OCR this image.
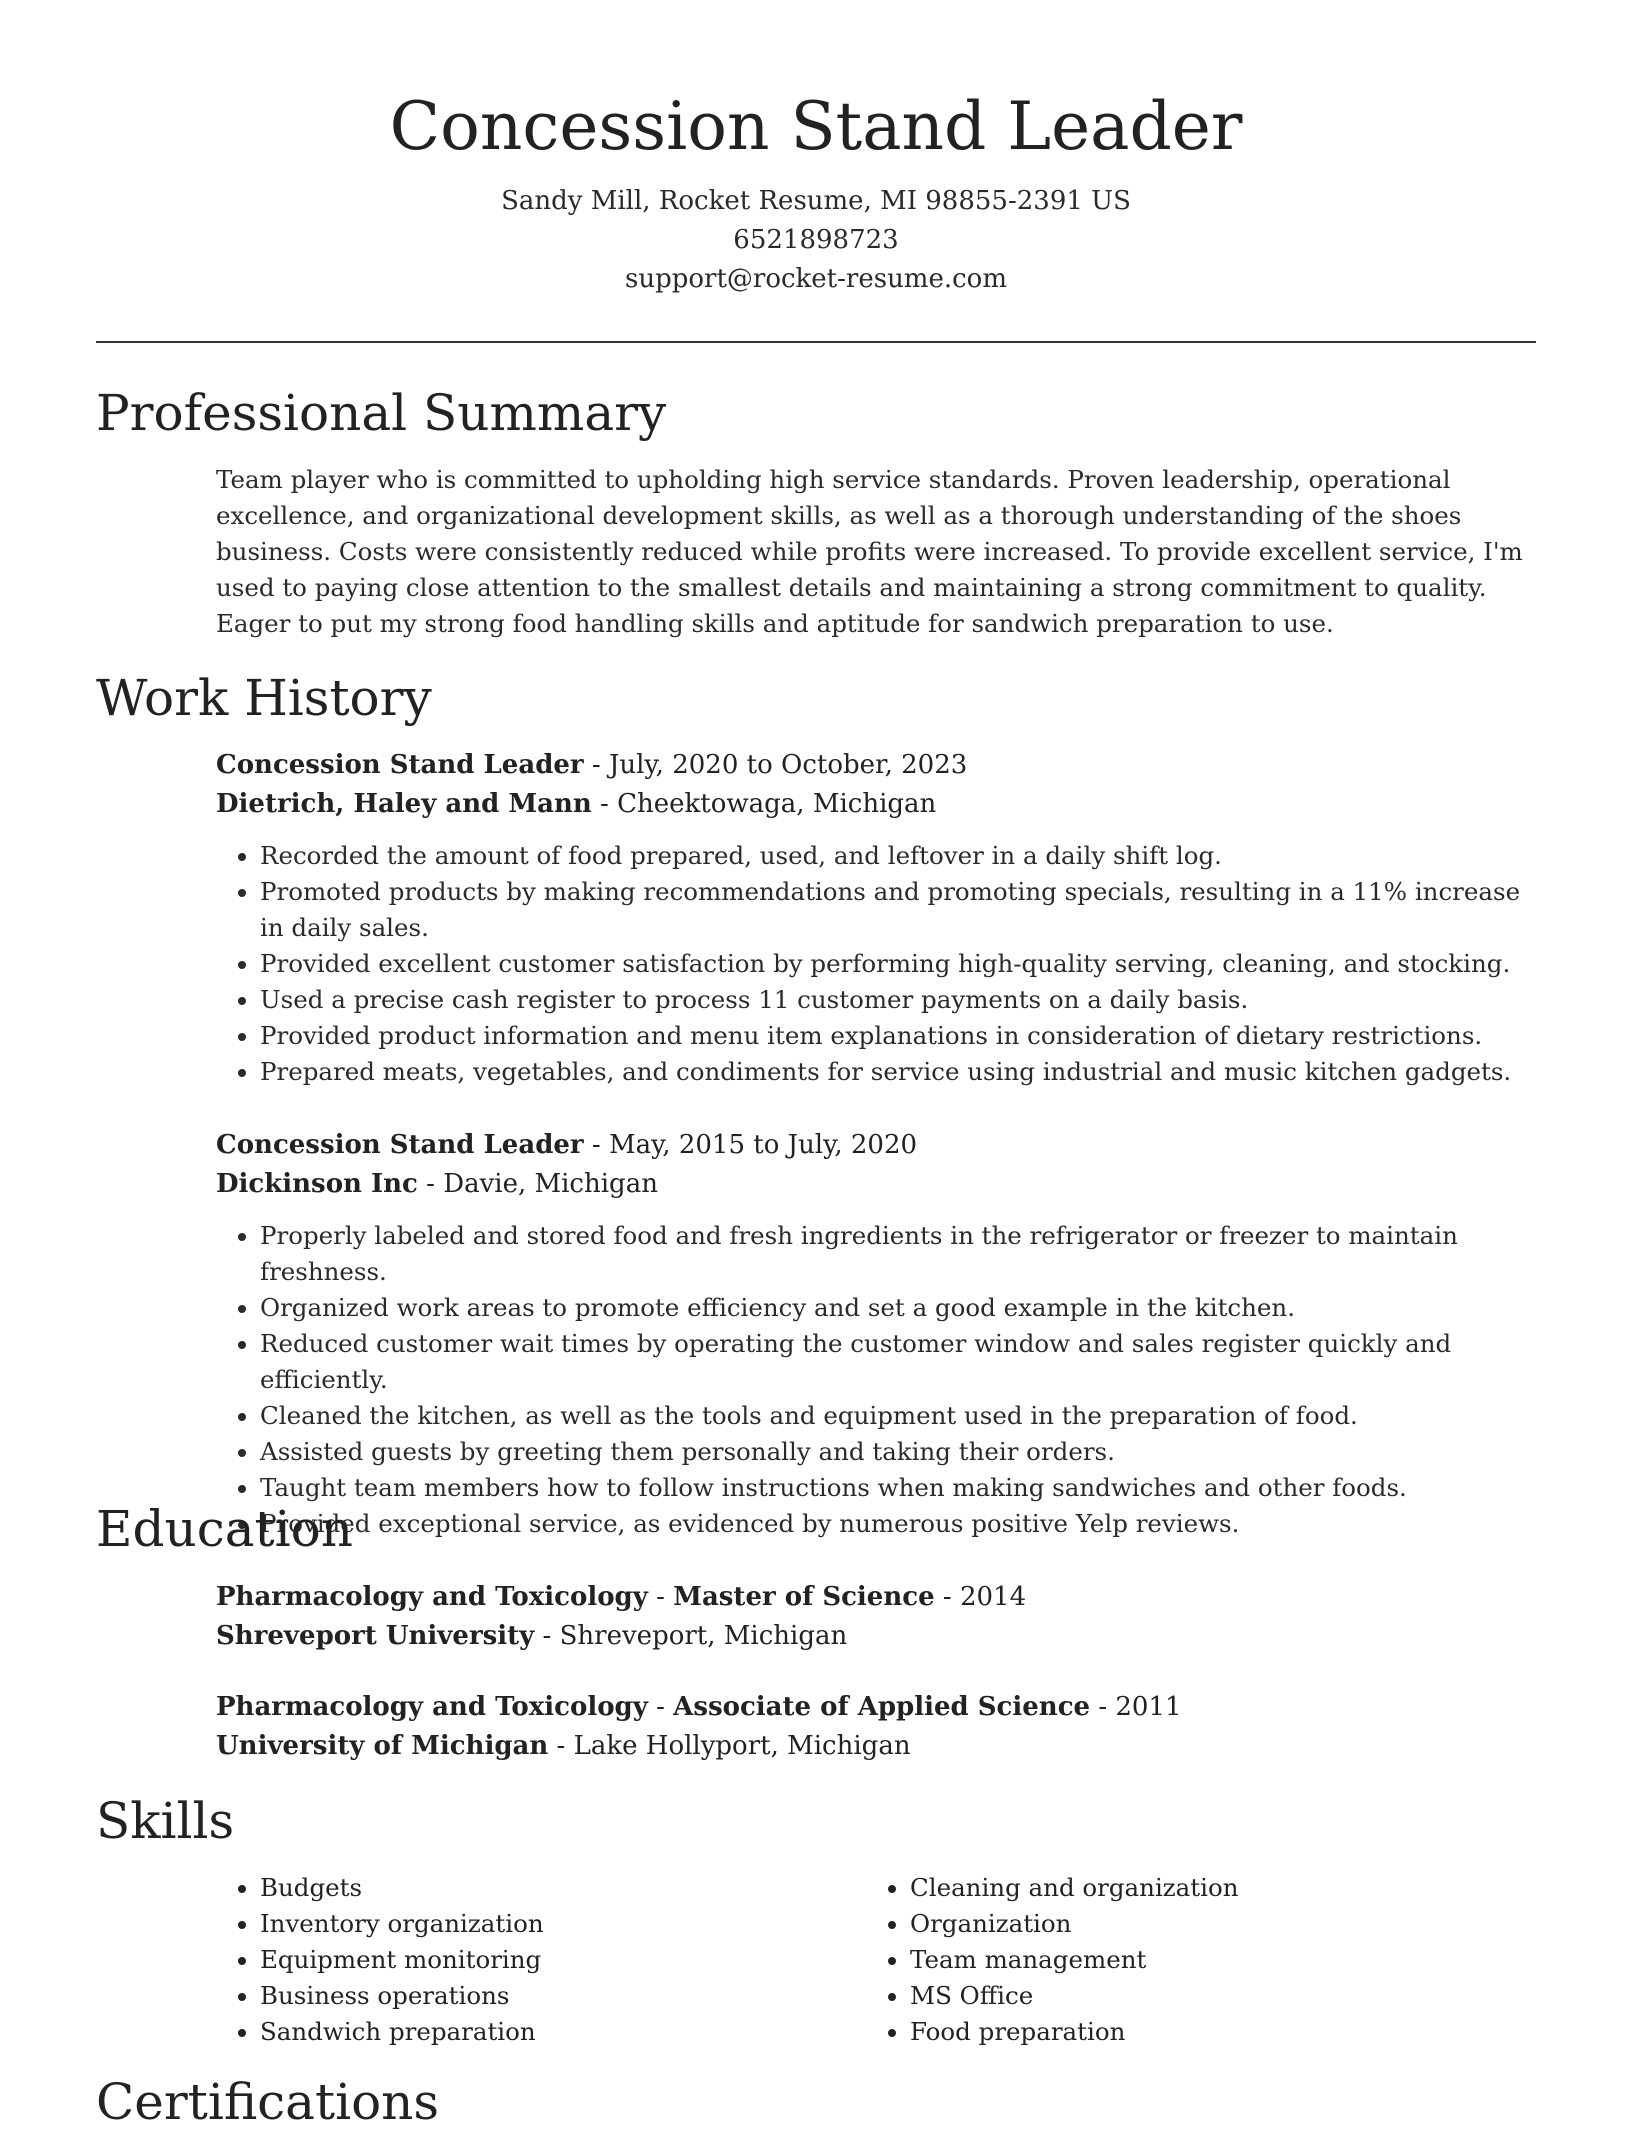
Concession Stand Leader
Sandy Mill, Rocket Resume, MI 98855-2391 US
6521898723
support@rocket-resume.com
Professional Summary

Team player who is committed to upholding high service standards. Proven leadership, operational excellence, and organizational development skills, as well as a thorough understanding of the shoes business. Costs were consistently reduced while profits were increased. To provide excellent service, I'm used to paying close attention to the smallest details and maintaining a strong commitment to quality. Eager to put my strong food handling skills and aptitude for sandwich preparation to use.

Work History
Concession Stand Leader - July, 2020 to October, 2023
Dietrich, Haley and Mann - Cheektowaga, Michigan
• Recorded the amount of food prepared, used, and leftover in a daily shift log.
• Promoted products by making recommendations and promoting specials, resulting in a 11% increase in daily sales.
• Provided excellent customer satisfaction by performing high-quality serving, cleaning, and stocking.
• Used a precise cash register to process 11 customer payments on a daily basis.
• Provided product information and menu item explanations in consideration of dietary restrictions.
• Prepared meats, vegetables, and condiments for service using industrial and music kitchen gadgets.
Concession Stand Leader - May, 2015 to July, 2020
Dickinson Inc - Davie, Michigan
• Properly labeled and stored food and fresh ingredients in the refrigerator or freezer to maintain freshness.
• Organized work areas to promote efficiency and set a good example in the kitchen.
• Reduced customer wait times by operating the customer window and sales register quickly and efficiently.
• Cleaned the kitchen, as well as the tools and equipment used in the preparation of food.
• Assisted guests by greeting them personally and taking their orders.
• Taught team members how to follow instructions when making sandwiches and other foods.
• Provided exceptional service, as evidenced by numerous positive Yelp reviews.
Education
Pharmacology and Toxicology - Master of Science - 2014
Shreveport University - Shreveport, Michigan
Pharmacology and Toxicology - Associate of Applied Science - 2011
University of Michigan - Lake Hollyport, Michigan
Skills
• Budgets
• Inventory organization
• Equipment monitoring
• Business operations
• Sandwich preparation
• Cleaning and organization
• Organization
• Team management
• MS Office
• Food preparation
Certifications
